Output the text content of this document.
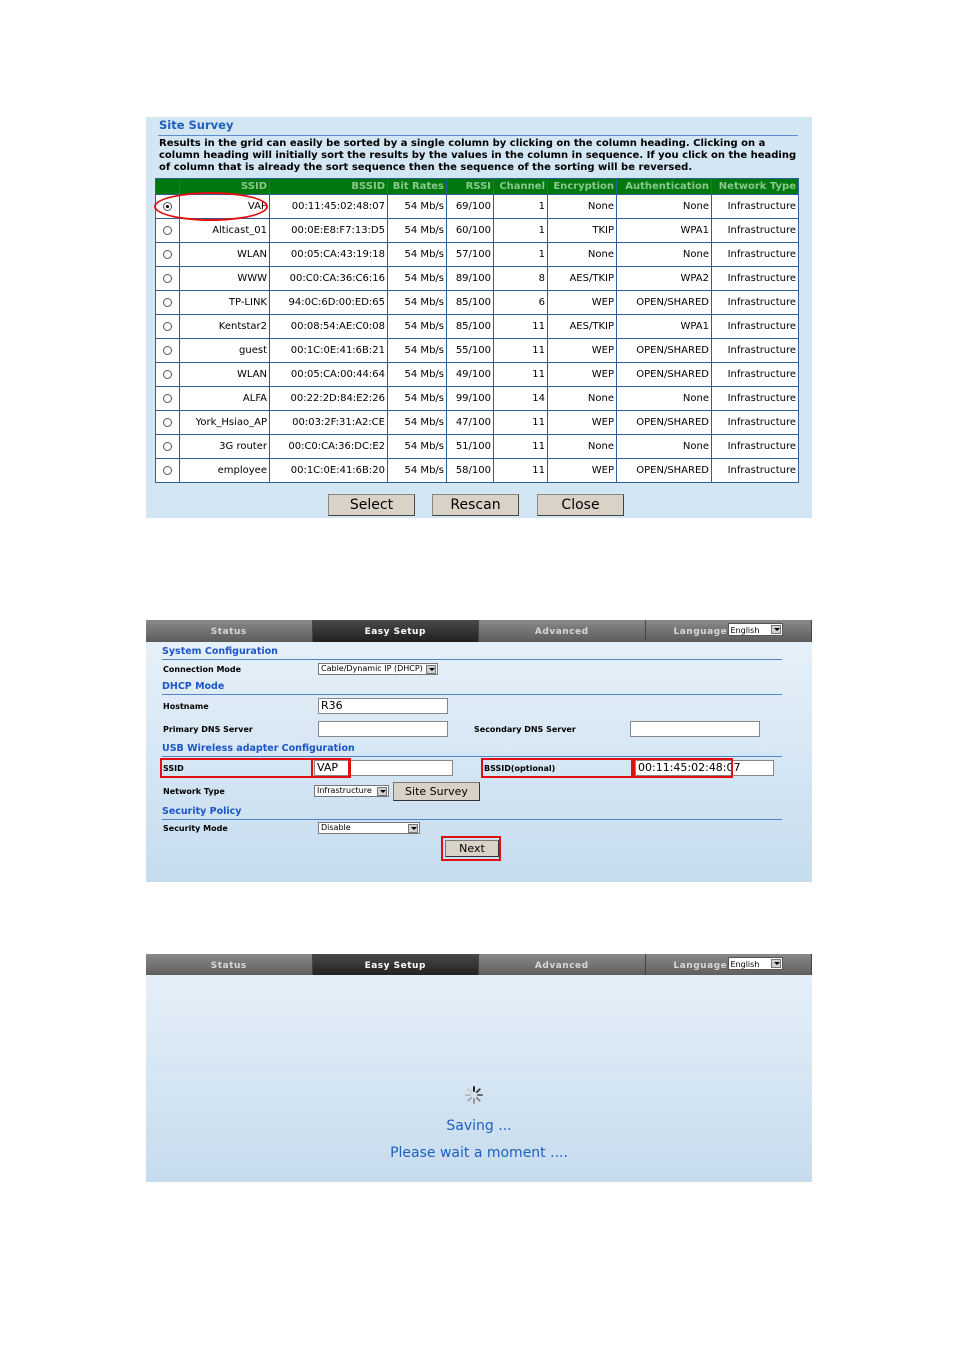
Site Survey
Results in the grid can easily be sorted by a single column by clicking on the column heading. Clicking on a column heading will initially sort the results by the values in the column in sequence. If you click on the heading of column that is already the sort sequence then the sequence of the sorting will be reversed.
	SSID	BSSID	Bit Rates	RSSI	Channel	Encryption	Authentication	Network Type
	VAP	00:11:45:02:48:07	54 Mb/s	69/100	1	None	None	Infrastructure
	Alticast_01	00:0E:E8:F7:13:D5	54 Mb/s	60/100	1	TKIP	WPA1	Infrastructure
	WLAN	00:05:CA:43:19:18	54 Mb/s	57/100	1	None	None	Infrastructure
	WWW	00:C0:CA:36:C6:16	54 Mb/s	89/100	8	AES/TKIP	WPA2	Infrastructure
	TP-LINK	94:0C:6D:00:ED:65	54 Mb/s	85/100	6	WEP	OPEN/SHARED	Infrastructure
	Kentstar2	00:08:54:AE:C0:08	54 Mb/s	85/100	11	AES/TKIP	WPA1	Infrastructure
	guest	00:1C:0E:41:6B:21	54 Mb/s	55/100	11	WEP	OPEN/SHARED	Infrastructure
	WLAN	00:05:CA:00:44:64	54 Mb/s	49/100	11	WEP	OPEN/SHARED	Infrastructure
	ALFA	00:22:2D:84:E2:26	54 Mb/s	99/100	14	None	None	Infrastructure
	York_Hsiao_AP	00:03:2F:31:A2:CE	54 Mb/s	47/100	11	WEP	OPEN/SHARED	Infrastructure
	3G router	00:C0:CA:36:DC:E2	54 Mb/s	51/100	11	None	None	Infrastructure
	employee	00:1C:0E:41:6B:20	54 Mb/s	58/100	11	WEP	OPEN/SHARED	Infrastructure
Select	Rescan	Close
Status	Easy Setup	Advanced	Language English
System Configuration
Connection Mode	Cable/Dynamic IP (DHCP)
DHCP Mode
Hostname	R36
Primary DNS Server	Secondary DNS Server
USB Wireless adapter Configuration
SSID	VAP	BSSID(optional)	00:11:45:02:48:07
Network Type	Infrastructure	Site Survey
Security Policy
Security Mode	Disable
Next
Status	Easy Setup	Advanced	Language English
Saving ...
Please wait a moment ....
